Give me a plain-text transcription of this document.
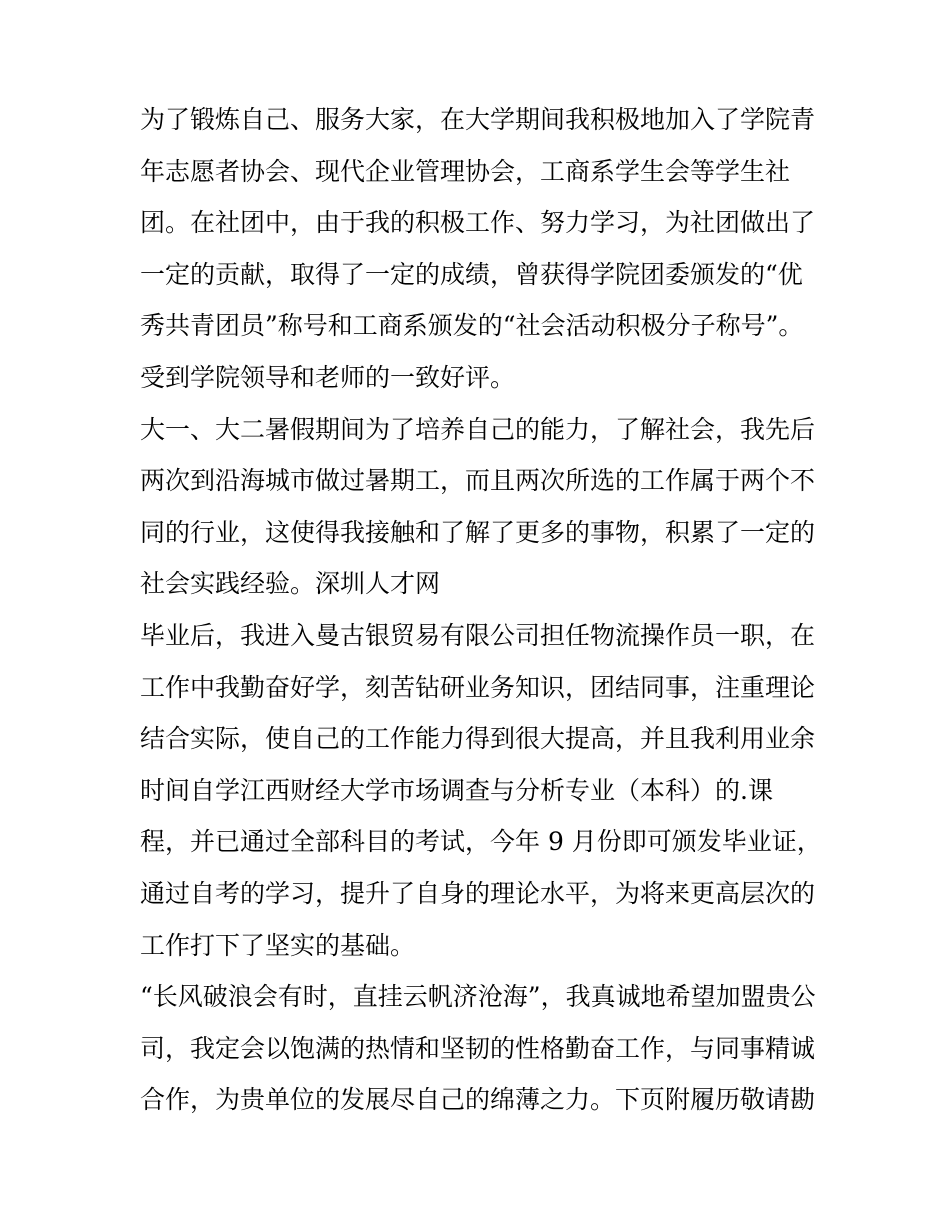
为了锻炼自己、服务大家，在大学期间我积极地加入了学院青
年志愿者协会、现代企业管理协会，工商系学生会等学生社
团。在社团中，由于我的积极工作、努力学习，为社团做出了
一定的贡献，取得了一定的成绩，曾获得学院团委颁发的“优
秀共青团员”称号和工商系颁发的“社会活动积极分子称号”。
受到学院领导和老师的一致好评。
大一、大二暑假期间为了培养自己的能力，了解社会，我先后
两次到沿海城市做过暑期工，而且两次所选的工作属于两个不
同的行业，这使得我接触和了解了更多的事物，积累了一定的
社会实践经验。深圳人才网
毕业后，我进入曼古银贸易有限公司担任物流操作员一职，在
工作中我勤奋好学，刻苦钻研业务知识，团结同事，注重理论
结合实际，使自己的工作能力得到很大提高，并且我利用业余
时间自学江西财经大学市场调查与分析专业（本科）的.课
程，并已通过全部科目的考试，今年 9 月份即可颁发毕业证，
通过自考的学习，提升了自身的理论水平，为将来更高层次的
工作打下了坚实的基础。
“长风破浪会有时，直挂云帆济沧海”，我真诚地希望加盟贵公
司，我定会以饱满的热情和坚韧的性格勤奋工作，与同事精诚
合作，为贵单位的发展尽自己的绵薄之力。下页附履历敬请勘
